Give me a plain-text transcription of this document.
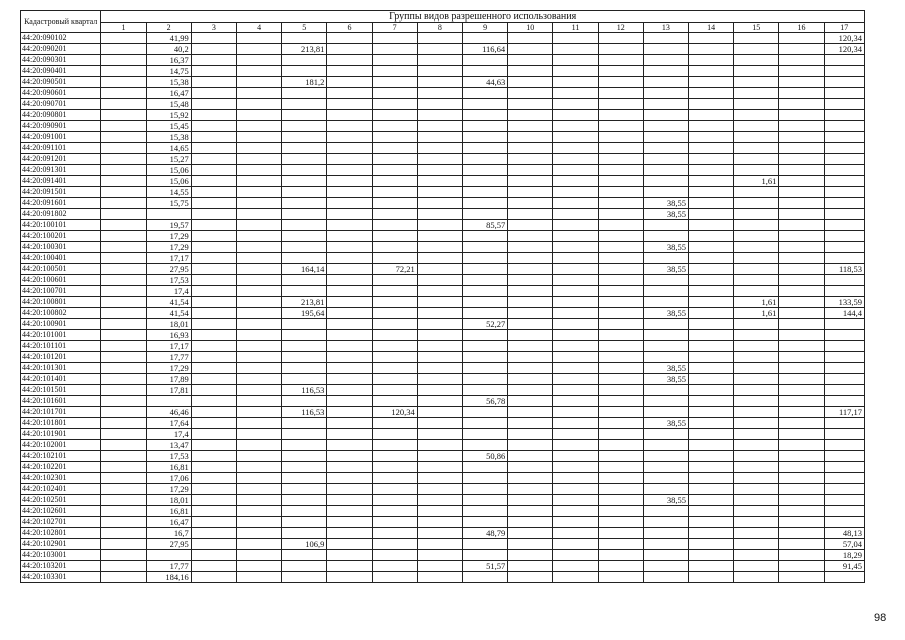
Кадастровый квартал	Группы видов разрешенного использования																
	1	2	3	4	5	6	7	8	9	10	11	12	13	14	15	16	17
44:20:090102		41,99															120,34
44:20:090201		40,2			213,81				116,64								120,34
44:20:090301		16,37															
44:20:090401		14,75															
44:20:090501		15,38			181,2				44,63								
44:20:090601		16,47															
44:20:090701		15,48															
44:20:090801		15,92															
44:20:090901		15,45															
44:20:091001		15,38															
44:20:091101		14,65															
44:20:091201		15,27															
44:20:091301		15,06															
44:20:091401		15,06													1,61		
44:20:091501		14,55															
44:20:091601		15,75											38,55				
44:20:091802													38,55				
44:20:100101		19,57							85,57								
44:20:100201		17,29															
44:20:100301		17,29											38,55				
44:20:100401		17,17															
44:20:100501		27,95			164,14		72,21						38,55				118,53
44:20:100601		17,53															
44:20:100701		17,4															
44:20:100801		41,54			213,81										1,61		133,59
44:20:100802		41,54			195,64								38,55		1,61		144,4
44:20:100901		18,01							52,27								
44:20:101001		16,93															
44:20:101101		17,17															
44:20:101201		17,77															
44:20:101301		17,29											38,55				
44:20:101401		17,89											38,55				
44:20:101501		17,81			116,53												
44:20:101601									56,78								
44:20:101701		46,46			116,53		120,34										117,17
44:20:101801		17,64											38,55				
44:20:101901		17,4															
44:20:102001		13,47															
44:20:102101		17,53							50,86								
44:20:102201		16,81															
44:20:102301		17,06															
44:20:102401		17,29															
44:20:102501		18,01											38,55				
44:20:102601		16,81															
44:20:102701		16,47															
44:20:102801		16,7							48,79								48,13
44:20:102901		27,95			106,9												57,04
44:20:103001																	18,29
44:20:103201		17,77							51,57								91,45
44:20:103301		184,16															
98
